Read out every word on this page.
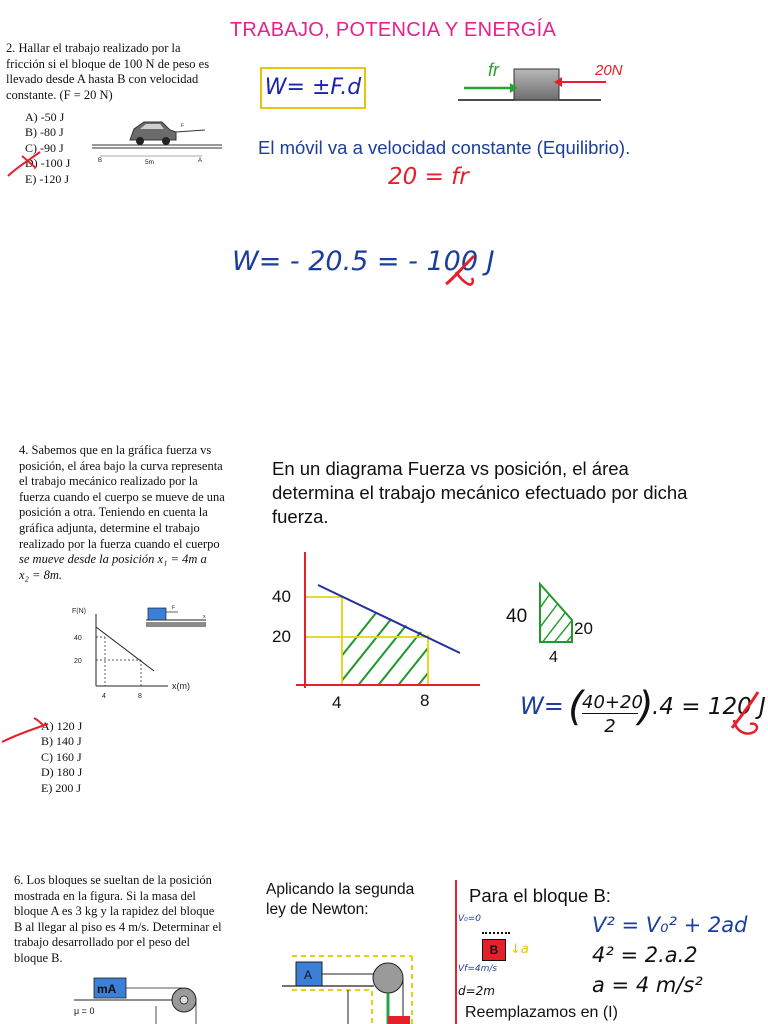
TRABAJO, POTENCIA Y ENERGÍA
2. Hallar el trabajo realizado por la
fricción si el bloque de 100 N de peso es
llevado desde A hasta B con velocidad
constante. (F = 20 N)
A) -50 J
B) -80 J
C) -90 J
D) -100 J
E) -120 J
F
B	5m	A
W= ±F.d
fr	20N
El móvil va a velocidad constante (Equilibrio).
20 = fr
W= - 20.5 = - 100 J
4. Sabemos que en la gráfica fuerza vs
posición, el área bajo la curva representa
el trabajo mecánico realizado por la
fuerza cuando el cuerpo se mueve de una
posición a otra. Teniendo en cuenta la
gráfica adjunta, determine el trabajo
realizado por la fuerza cuando el cuerpo
se mueve desde la posición x₁ = 4m a
x₂ = 8m.
F(N)
40
20
4	8
x(m)
F
x
A) 120 J
B) 140 J
C) 160 J
D) 180 J
E) 200 J
En un diagrama Fuerza vs posición, el área
determina el trabajo mecánico efectuado por dicha
fuerza.
40
20
4	8
40
20
4
W= (
40+20
2 )
.4 = 120 J
6. Los bloques se sueltan de la posición
mostrada en la figura. Si la masa del
bloque A es 3 kg y la rapidez del bloque
B al llegar al piso es 4 m/s. Determinar el
trabajo desarrollado por el peso del
bloque B.
mA
μ = 0
Aplicando la segunda
ley de Newton:
A
Para el bloque B:
V₀=0
B ↓a
Vf=4m/s
d=2m
V² = V₀² + 2ad
4² = 2.a.2
a = 4 m/s²
Reemplazamos en (I)
